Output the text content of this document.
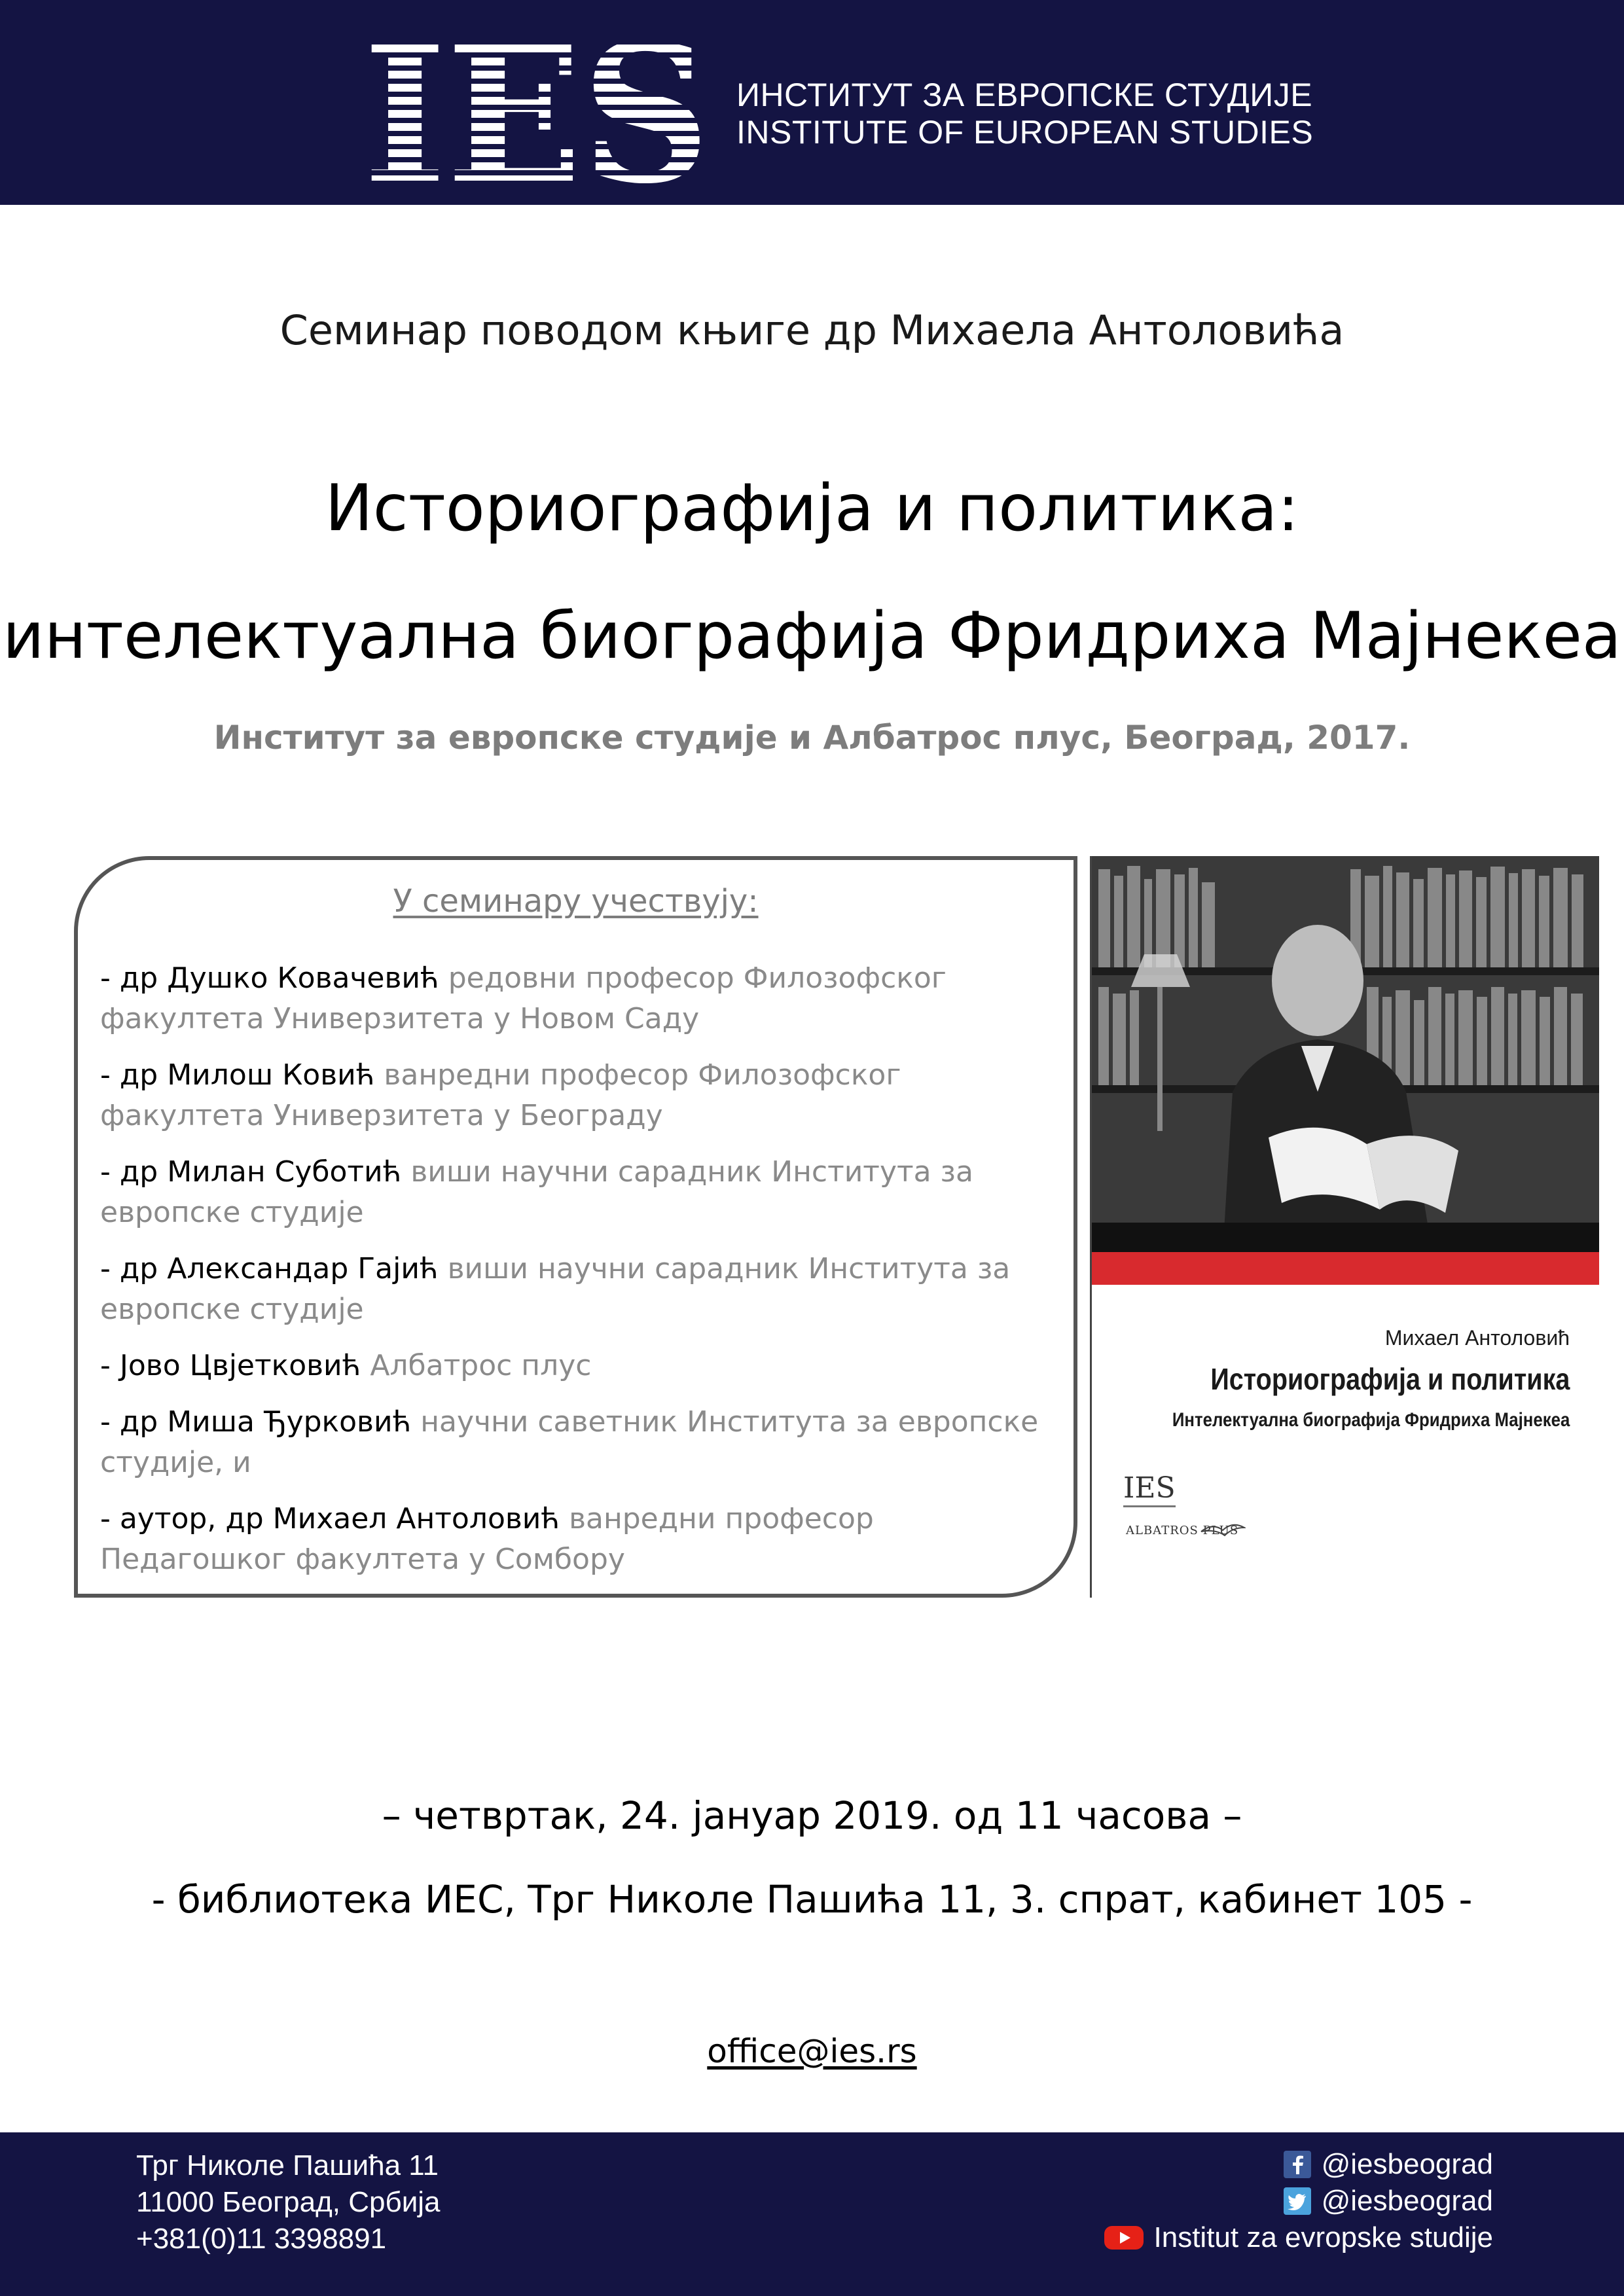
IES ИНСТИТУТ ЗА ЕВРОПСКЕ СТУДИЈЕ
INSTITUTE OF EUROPEAN STUDIES
Семинар поводом књиге др Михаела Антоловића
Историографија и политика:
интелектуална биографија Фридриха Мајнекеа
Институт за европске студије и Албатрос плус, Београд, 2017.
У семинару учествују:
- др Душко Ковачевић редовни професор Филозофског факултета Универзитета у Новом Саду
- др Милош Ковић ванредни професор Филозофског факултета Универзитета у Београду
- др Милан Суботић виши научни сарадник Института за европске студије
- др Александар Гајић виши научни сарадник Института за европске студије
- Јово Цвјетковић Албатрос плус
- др Миша Ђурковић научни саветник Института за европске студије, и
- аутор, др Михаел Антоловић ванредни професор Педагошког факултета у Сомбору
Михаел Антоловић
Историографија и политика
Интелектуална биографија Фридриха Мајнекеа
IES
ALBATROS PLUS
– четвртак, 24. јануар 2019. од 11 часова –
- библиотека ИЕС, Трг Николе Пашића 11, 3. спрат, кабинет 105 -
office@ies.rs
Трг Николе Пашића 11
11000 Београд, Србија
+381(0)11 3398891
@iesbeograd
@iesbeograd
Institut za evropske studije
